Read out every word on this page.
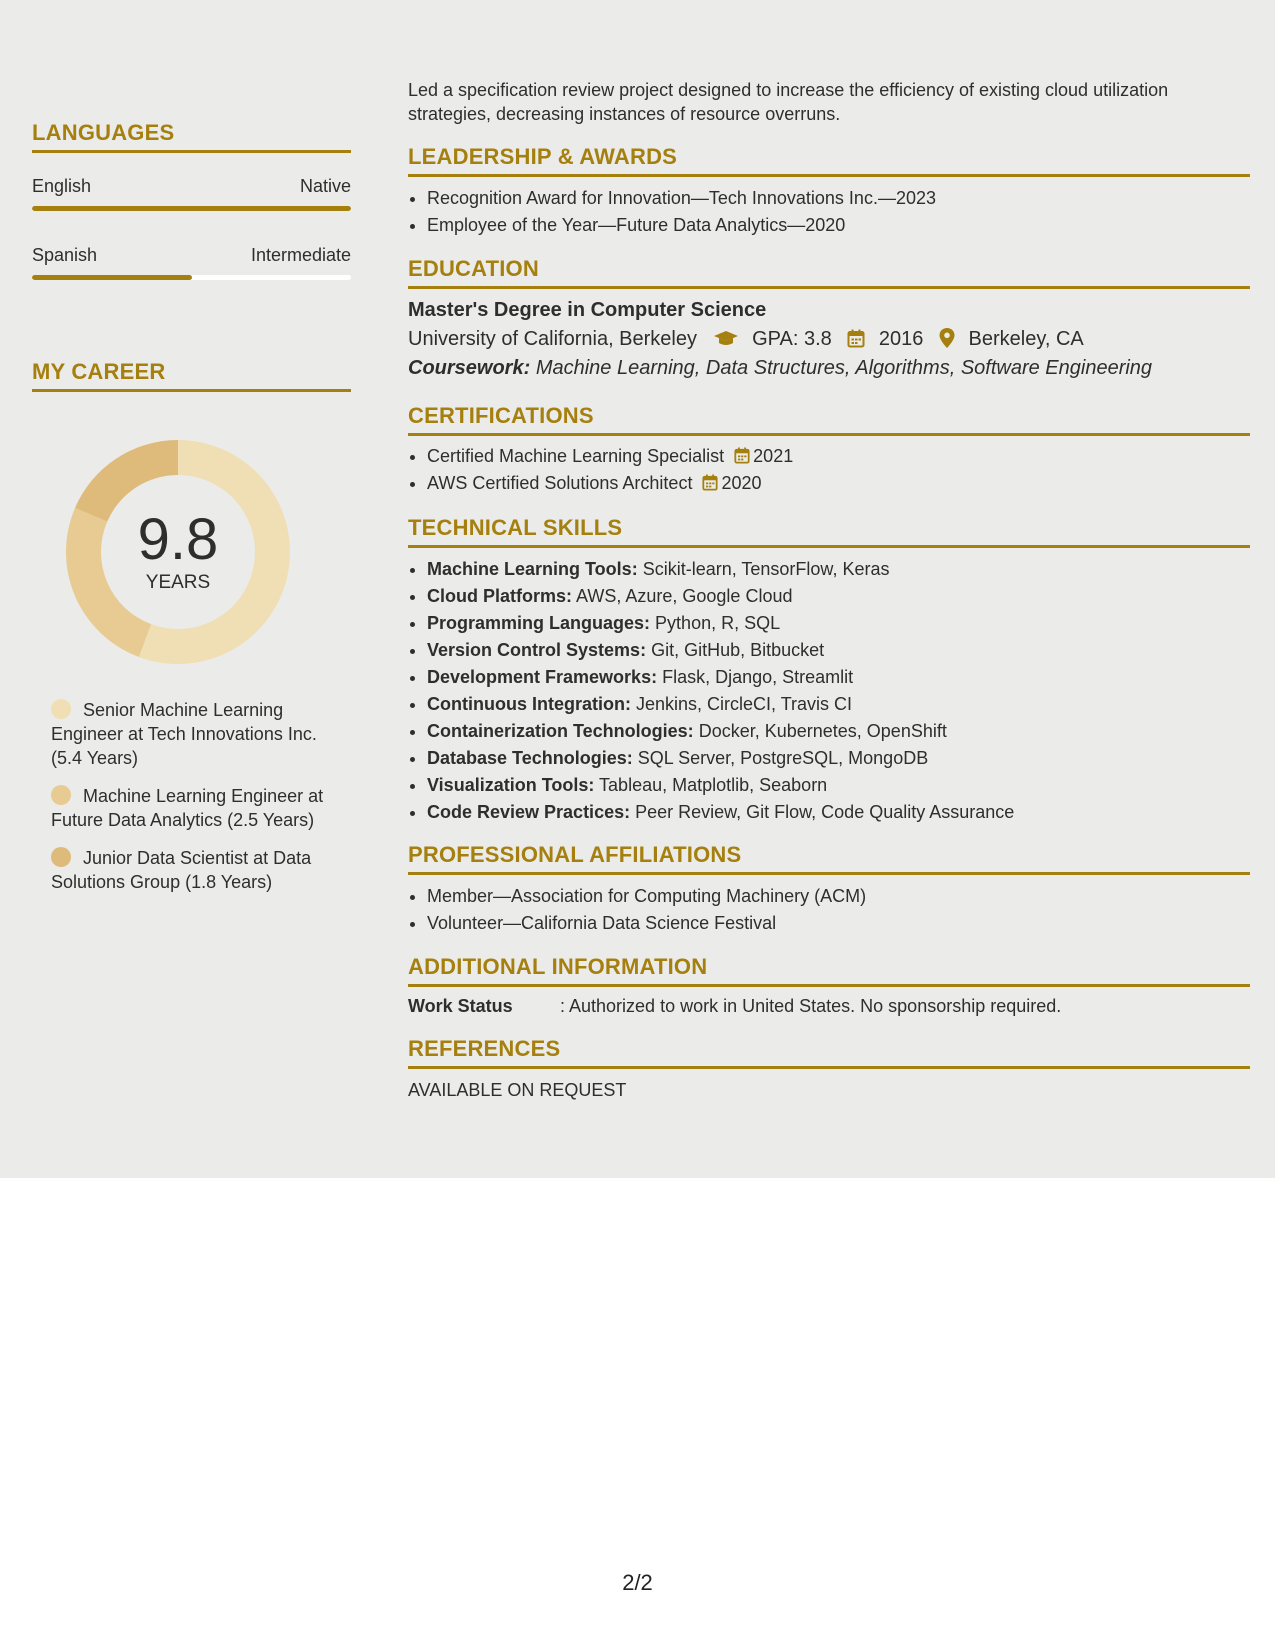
LANGUAGES
English	Native
Spanish	Intermediate
MY CAREER
9.8
YEARS
Senior Machine Learning Engineer at Tech Innovations Inc. (5.4 Years)
Machine Learning Engineer at Future Data Analytics (2.5 Years)
Junior Data Scientist at Data Solutions Group (1.8 Years)
Led a specification review project designed to increase the efficiency of existing cloud utilization strategies, decreasing instances of resource overruns.
LEADERSHIP & AWARDS
• Recognition Award for Innovation—Tech Innovations Inc.—2023
• Employee of the Year—Future Data Analytics—2020
EDUCATION
Master's Degree in Computer Science
University of California, Berkeley	GPA: 3.8 2016 Berkeley, CA
Coursework: Machine Learning, Data Structures, Algorithms, Software Engineering
CERTIFICATIONS
• Certified Machine Learning Specialist 2021
• AWS Certified Solutions Architect 2020
TECHNICAL SKILLS
• Machine Learning Tools: Scikit-learn, TensorFlow, Keras
• Cloud Platforms: AWS, Azure, Google Cloud
• Programming Languages: Python, R, SQL
• Version Control Systems: Git, GitHub, Bitbucket
• Development Frameworks: Flask, Django, Streamlit
• Continuous Integration: Jenkins, CircleCI, Travis CI
• Containerization Technologies: Docker, Kubernetes, OpenShift
• Database Technologies: SQL Server, PostgreSQL, MongoDB
• Visualization Tools: Tableau, Matplotlib, Seaborn
• Code Review Practices: Peer Review, Git Flow, Code Quality Assurance
PROFESSIONAL AFFILIATIONS
• Member—Association for Computing Machinery (ACM)
• Volunteer—California Data Science Festival
ADDITIONAL INFORMATION
Work Status	: Authorized to work in United States. No sponsorship required.
REFERENCES
AVAILABLE ON REQUEST
2/2
